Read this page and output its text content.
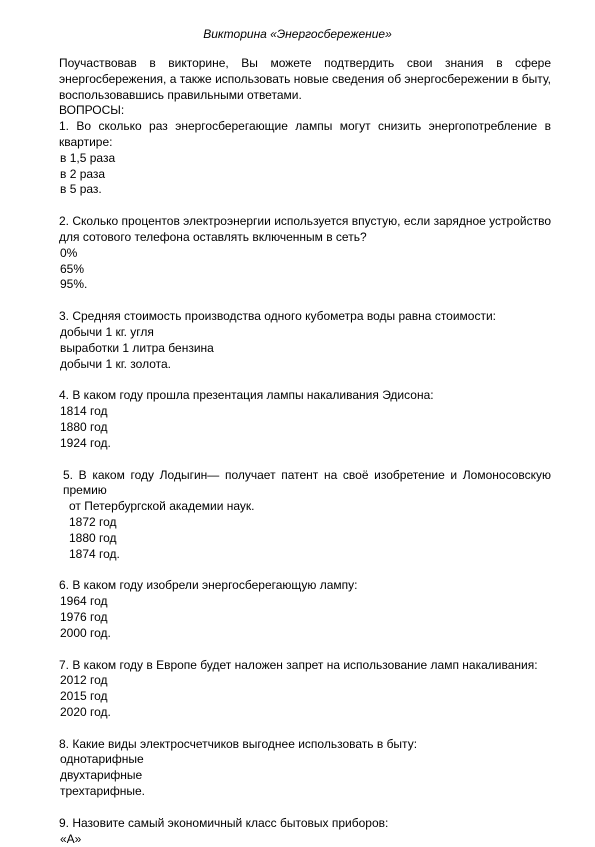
Викторина «Энергосбережение»

Поучаствовав в викторине, Вы можете подтвердить свои знания в сфере энергосбережения, а также использовать новые сведения об энергосбережении в быту, воспользовавшись правильными ответами.

ВОПРОСЫ:

1. Во сколько раз энергосберегающие лампы могут снизить энергопотребление в квартире:

в 1,5 раза
в 2 раза
в 5 раз.

2. Сколько процентов электроэнергии используется впустую, если зарядное устройство для сотового телефона оставлять включенным в сеть?

0%
65%
95%.

3. Средняя стоимость производства одного кубометра воды равна стоимости:

добычи 1 кг. угля
выработки 1 литра бензина
добычи 1 кг. золота.

4. В каком году прошла презентация лампы накаливания Эдисона:

1814 год
1880 год
1924 год.

5. В каком году Лодыгин— получает патент на своё изобретение и Ломоносовскую премию

от Петербургской академии наук.

1872 год
1880 год
1874 год.

6. В каком году изобрели энергосберегающую лампу:

1964 год
1976 год
2000 год.

7. В каком году в Европе будет наложен запрет на использование ламп накаливания:

2012 год
2015 год
2020 год.

8. Какие виды электросчетчиков выгоднее использовать в быту:

однотарифные
двухтарифные
трехтарифные.

9. Назовите самый экономичный класс бытовых приборов:

«А»
